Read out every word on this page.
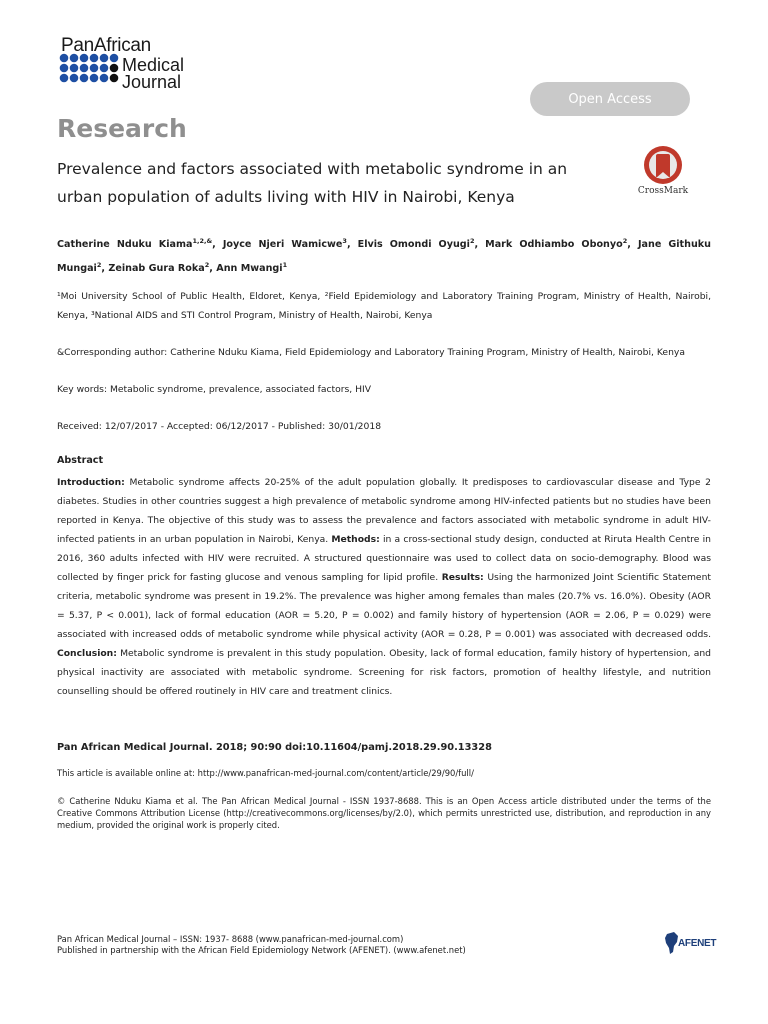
PanAfrican
Medical
Journal
Open Access
Research
Prevalence and factors associated with metabolic syndrome in an urban population of adults living with HIV in Nairobi, Kenya	CrossMark
Catherine Nduku Kiama$^{1,2,\&}$, Joyce Njeri Wamicwe$^3$, Elvis Omondi Oyugi$^2$, Mark Odhiambo Obonyo$^2$, Jane Githuku Mungai$^2$, Zeinab Gura Roka$^2$, Ann Mwangi$^1$
¹Moi University School of Public Health, Eldoret, Kenya, ²Field Epidemiology and Laboratory Training Program, Ministry of Health, Nairobi, Kenya, ³National AIDS and STI Control Program, Ministry of Health, Nairobi, Kenya
&Corresponding author: Catherine Nduku Kiama, Field Epidemiology and Laboratory Training Program, Ministry of Health, Nairobi, Kenya
Key words: Metabolic syndrome, prevalence, associated factors, HIV
Received: 12/07/2017 - Accepted: 06/12/2017 - Published: 30/01/2018
Abstract
Introduction: Metabolic syndrome affects 20-25% of the adult population globally. It predisposes to cardiovascular disease and Type 2 diabetes. Studies in other countries suggest a high prevalence of metabolic syndrome among HIV-infected patients but no studies have been reported in Kenya. The objective of this study was to assess the prevalence and factors associated with metabolic syndrome in adult HIV-infected patients in an urban population in Nairobi, Kenya. Methods: in a cross-sectional study design, conducted at Riruta Health Centre in 2016, 360 adults infected with HIV were recruited. A structured questionnaire was used to collect data on socio-demography. Blood was collected by finger prick for fasting glucose and venous sampling for lipid profile. Results: Using the harmonized Joint Scientific Statement criteria, metabolic syndrome was present in 19.2%. The prevalence was higher among females than males (20.7% vs. 16.0%). Obesity (AOR = 5.37, P < 0.001), lack of formal education (AOR = 5.20, P = 0.002) and family history of hypertension (AOR = 2.06, P = 0.029) were associated with increased odds of metabolic syndrome while physical activity (AOR = 0.28, P = 0.001) was associated with decreased odds. Conclusion: Metabolic syndrome is prevalent in this study population. Obesity, lack of formal education, family history of hypertension, and physical inactivity are associated with metabolic syndrome. Screening for risk factors, promotion of healthy lifestyle, and nutrition counselling should be offered routinely in HIV care and treatment clinics.
Pan African Medical Journal. 2018; 90:90 doi:10.11604/pamj.2018.29.90.13328
This article is available online at: http://www.panafrican-med-journal.com/content/article/29/90/full/
© Catherine Nduku Kiama et al. The Pan African Medical Journal - ISSN 1937-8688. This is an Open Access article distributed under the terms of the Creative Commons Attribution License (http://creativecommons.org/licenses/by/2.0), which permits unrestricted use, distribution, and reproduction in any medium, provided the original work is properly cited.
Pan African Medical Journal – ISSN: 1937- 8688 (www.panafrican-med-journal.com)
Published in partnership with the African Field Epidemiology Network (AFENET). (www.afenet.net)
AFENET
